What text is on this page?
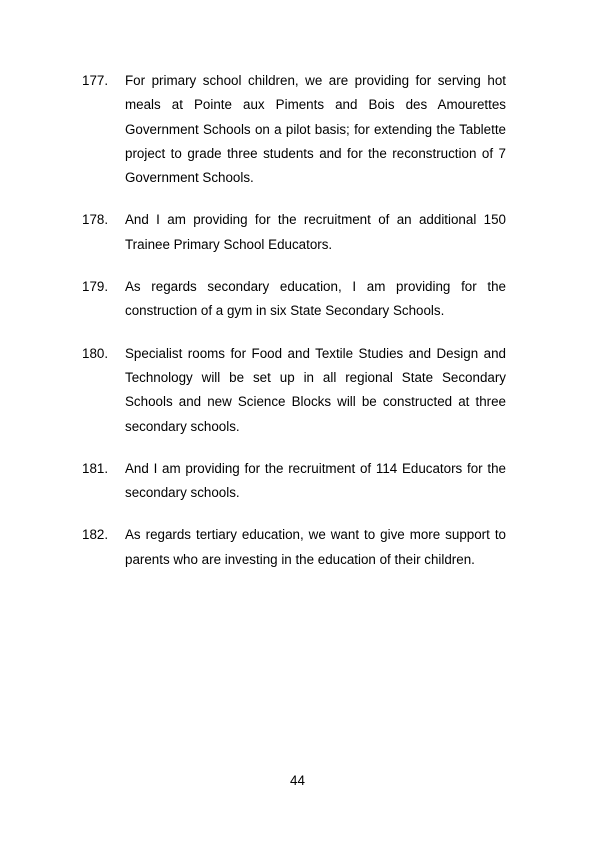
177. For primary school children, we are providing for serving hot meals at Pointe aux Piments and Bois des Amourettes Government Schools on a pilot basis; for extending the Tablette project to grade three students and for the reconstruction of 7 Government Schools.
178. And I am providing for the recruitment of an additional 150 Trainee Primary School Educators.
179. As regards secondary education, I am providing for the construction of a gym in six State Secondary Schools.
180. Specialist rooms for Food and Textile Studies and Design and Technology will be set up in all regional State Secondary Schools and new Science Blocks will be constructed at three secondary schools.
181. And I am providing for the recruitment of 114 Educators for the secondary schools.
182. As regards tertiary education, we want to give more support to parents who are investing in the education of their children.
44
